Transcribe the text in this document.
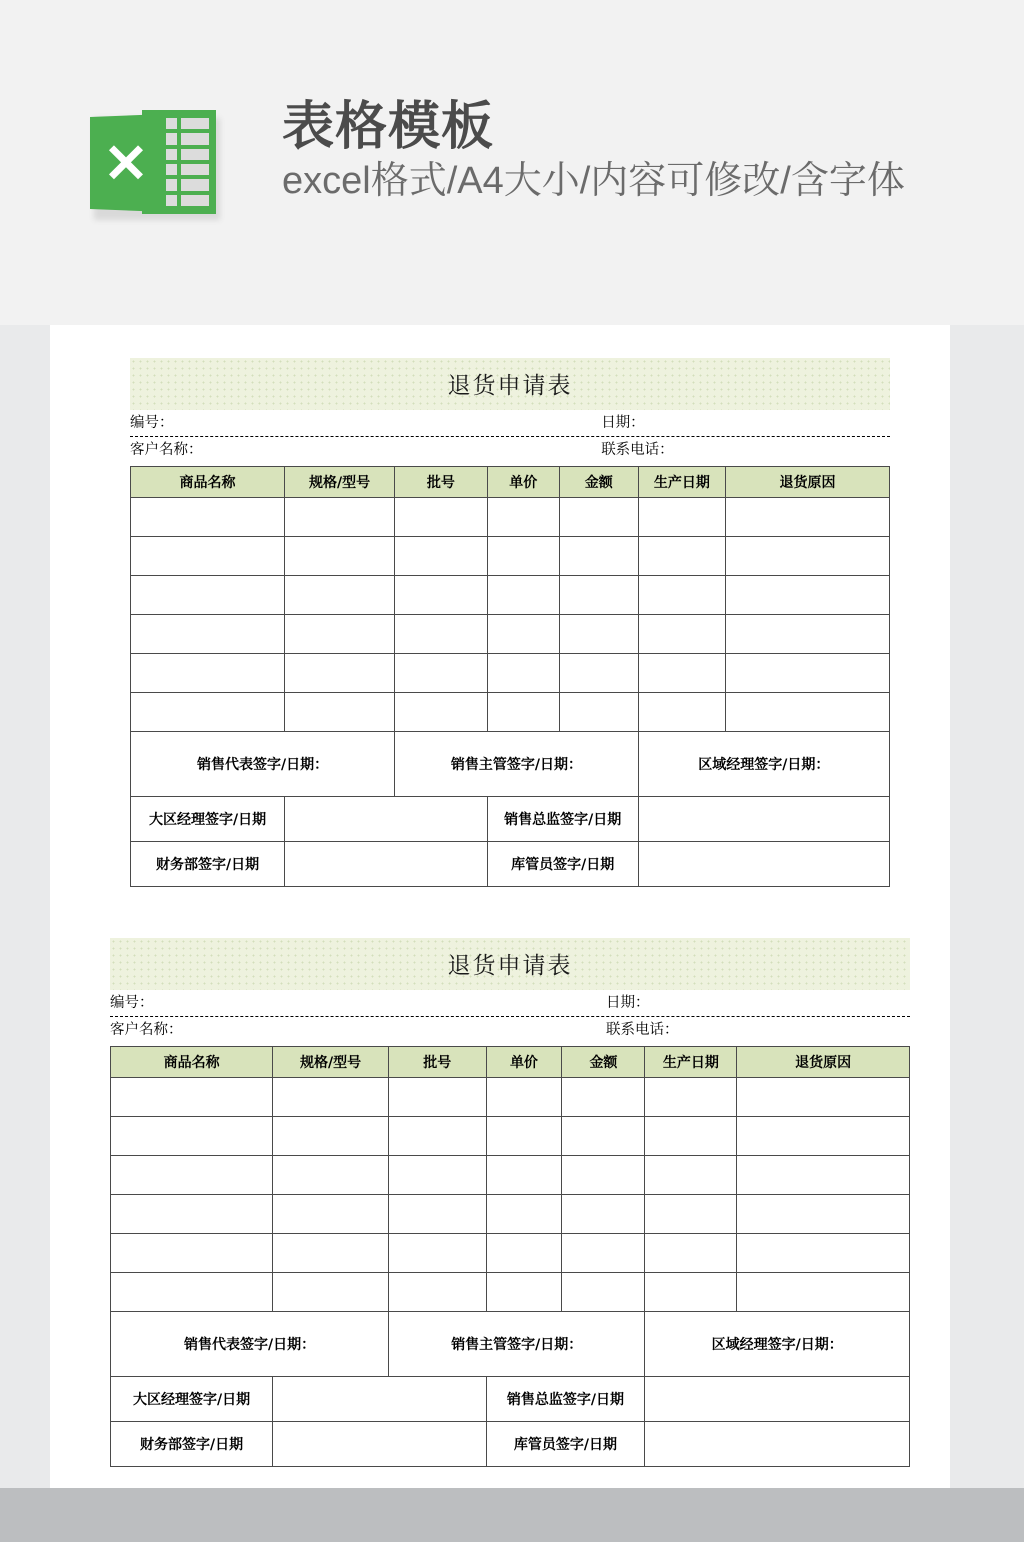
✕
表格模板
excel格式/A4大小/内容可修改/含字体
退货申请表
编号：	日期：
客户名称：	联系电话：
商品名称	规格/型号	批号	单价	金额	生产日期	退货原因

销售代表签字/日期：		销售主管签字/日期：			区域经理签字/日期：	
大区经理签字/日期			销售总监签字/日期			
财务部签字/日期			库管员签字/日期			
退货申请表
编号：	日期：
客户名称：	联系电话：
商品名称	规格/型号	批号	单价	金额	生产日期	退货原因

销售代表签字/日期：		销售主管签字/日期：			区域经理签字/日期：	
大区经理签字/日期			销售总监签字/日期			
财务部签字/日期			库管员签字/日期			
